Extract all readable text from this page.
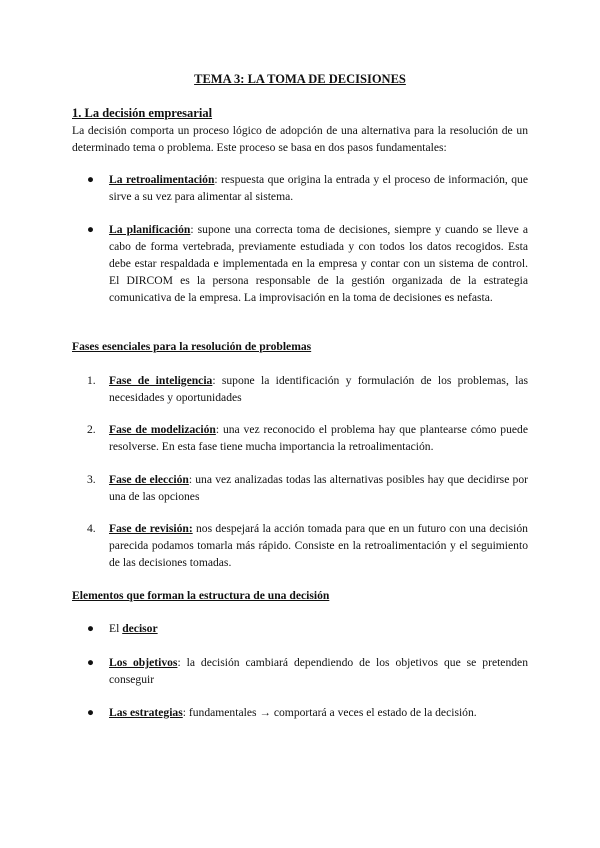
TEMA 3: LA TOMA DE DECISIONES

1. La decisión empresarial

La decisión comporta un proceso lógico de adopción de una alternativa para la resolución de un determinado tema o problema. Este proceso se basa en dos pasos fundamentales:

● La retroalimentación: respuesta que origina la entrada y el proceso de información, que sirve a su vez para alimentar al sistema.
● La planificación: supone una correcta toma de decisiones, siempre y cuando se lleve a cabo de forma vertebrada, previamente estudiada y con todos los datos recogidos. Esta debe estar respaldada e implementada en la empresa y contar con un sistema de control. El DIRCOM es la persona responsable de la gestión organizada de la estrategia comunicativa de la empresa. La improvisación en la toma de decisiones es nefasta.

Fases esenciales para la resolución de problemas

1. Fase de inteligencia: supone la identificación y formulación de los problemas, las necesidades y oportunidades
2. Fase de modelización: una vez reconocido el problema hay que plantearse cómo puede resolverse. En esta fase tiene mucha importancia la retroalimentación.
3. Fase de elección: una vez analizadas todas las alternativas posibles hay que decidirse por una de las opciones
4. Fase de revisión: nos despejará la acción tomada para que en un futuro con una decisión parecida podamos tomarla más rápido. Consiste en la retroalimentación y el seguimiento de las decisiones tomadas.

Elementos que forman la estructura de una decisión

● El decisor
● Los objetivos: la decisión cambiará dependiendo de los objetivos que se pretenden conseguir
● Las estrategias: fundamentales → comportará a veces el estado de la decisión.
